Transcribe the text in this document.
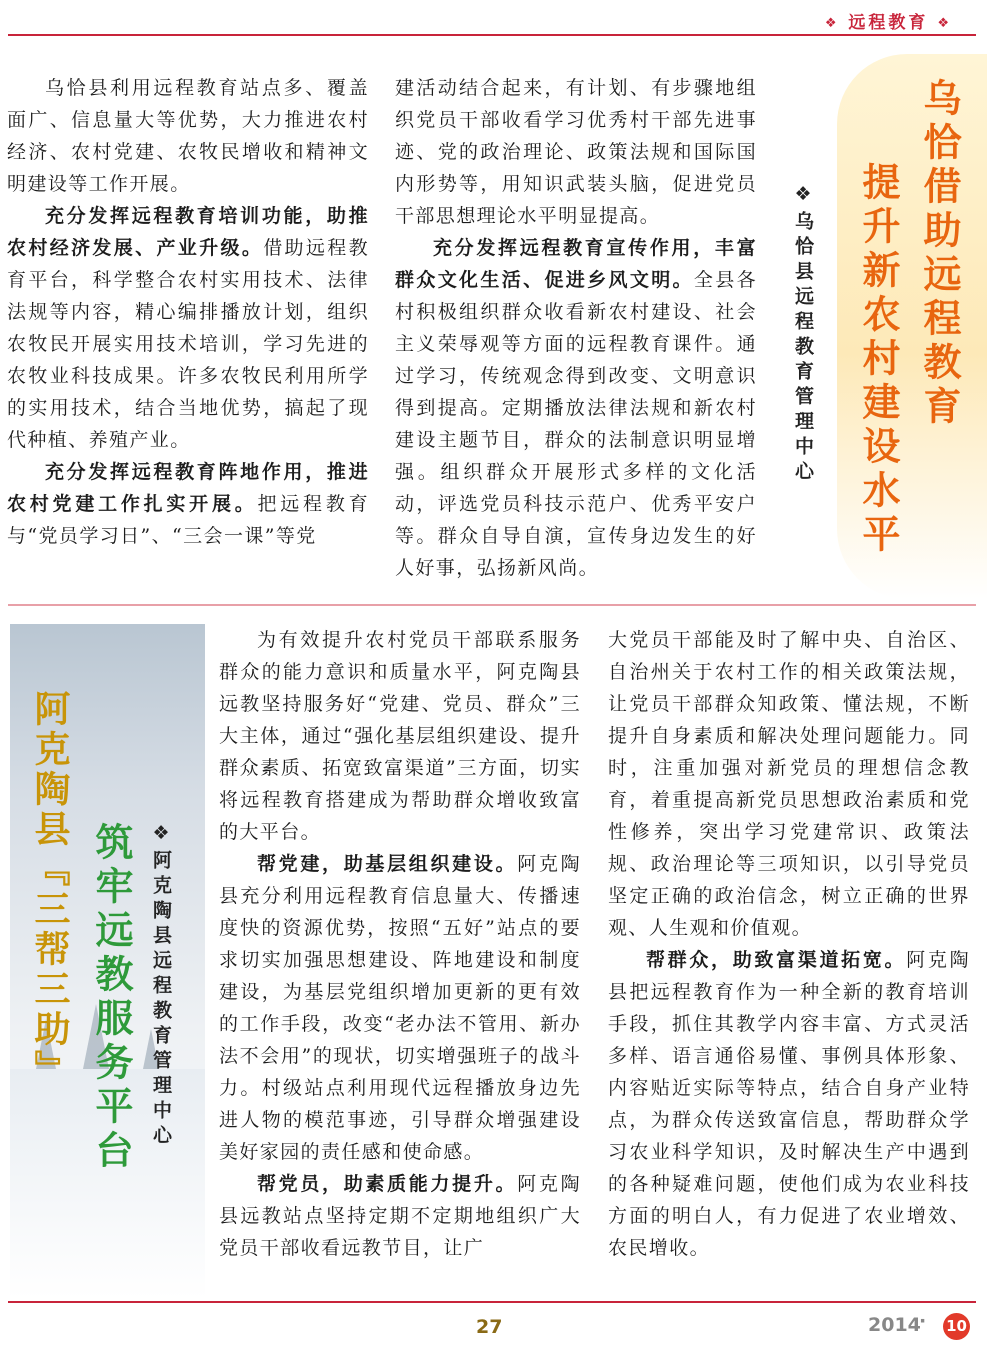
❖ 远程教育 ❖

乌恰县利用远程教育站点多、覆盖面广、信息量大等优势，大力推进农村经济、农村党建、农牧民增收和精神文明建设等工作开展。

充分发挥远程教育培训功能，助推农村经济发展、产业升级。借助远程教育平台，科学整合农村实用技术、法律法规等内容，精心编排播放计划，组织农牧民开展实用技术培训，学习先进的农牧业科技成果。许多农牧民利用所学的实用技术，结合当地优势，搞起了现代种植、养殖产业。

充分发挥远程教育阵地作用，推进农村党建工作扎实开展。把远程教育与“党员学习日”、“三会一课”等党

建活动结合起来，有计划、有步骤地组织党员干部收看学习优秀村干部先进事迹、党的政治理论、政策法规和国际国内形势等，用知识武装头脑，促进党员干部思想理论水平明显提高。

充分发挥远程教育宣传作用，丰富群众文化生活、促进乡风文明。全县各村积极组织群众收看新农村建设、社会主义荣辱观等方面的远程教育课件。通过学习，传统观念得到改变、文明意识得到提高。定期播放法律法规和新农村建设主题节目，群众的法制意识明显增强。组织群众开展形式多样的文化活动，评选党员科技示范户、优秀平安户等。群众自导自演，宣传身边发生的好人好事，弘扬新风尚。

乌恰借助远程教育
提升新农村建设水平
❖乌恰县远程教育管理中心
阿克陶县『三帮三助』 筑牢远教服务平台 ❖阿克陶县远程教育管理中心

为有效提升农村党员干部联系服务群众的能力意识和质量水平，阿克陶县远教坚持服务好“党建、党员、群众”三大主体，通过“强化基层组织建设、提升群众素质、拓宽致富渠道”三方面，切实将远程教育搭建成为帮助群众增收致富的大平台。

帮党建，助基层组织建设。阿克陶县充分利用远程教育信息量大、传播速度快的资源优势，按照“五好”站点的要求切实加强思想建设、阵地建设和制度建设，为基层党组织增加更新的更有效的工作手段，改变“老办法不管用、新办法不会用”的现状，切实增强班子的战斗力。村级站点利用现代远程播放身边先进人物的模范事迹，引导群众增强建设美好家园的责任感和使命感。

帮党员，助素质能力提升。阿克陶县远教站点坚持定期不定期地组织广大党员干部收看远教节目，让广

大党员干部能及时了解中央、自治区、自治州关于农村工作的相关政策法规，让党员干部群众知政策、懂法规，不断提升自身素质和解决处理问题能力。同时，注重加强对新党员的理想信念教育，着重提高新党员思想政治素质和党性修养，突出学习党建常识、政策法规、政治理论等三项知识，以引导党员坚定正确的政治信念，树立正确的世界观、人生观和价值观。

帮群众，助致富渠道拓宽。阿克陶县把远程教育作为一种全新的教育培训手段，抓住其教学内容丰富、方式灵活多样、语言通俗易懂、事例具体形象、内容贴近实际等特点，结合自身产业特点，为群众传送致富信息，帮助群众学习农业科学知识，及时解决生产中遇到的各种疑难问题，使他们成为农业科技方面的明白人，有力促进了农业增效、农民增收。

27	2014
· 10
